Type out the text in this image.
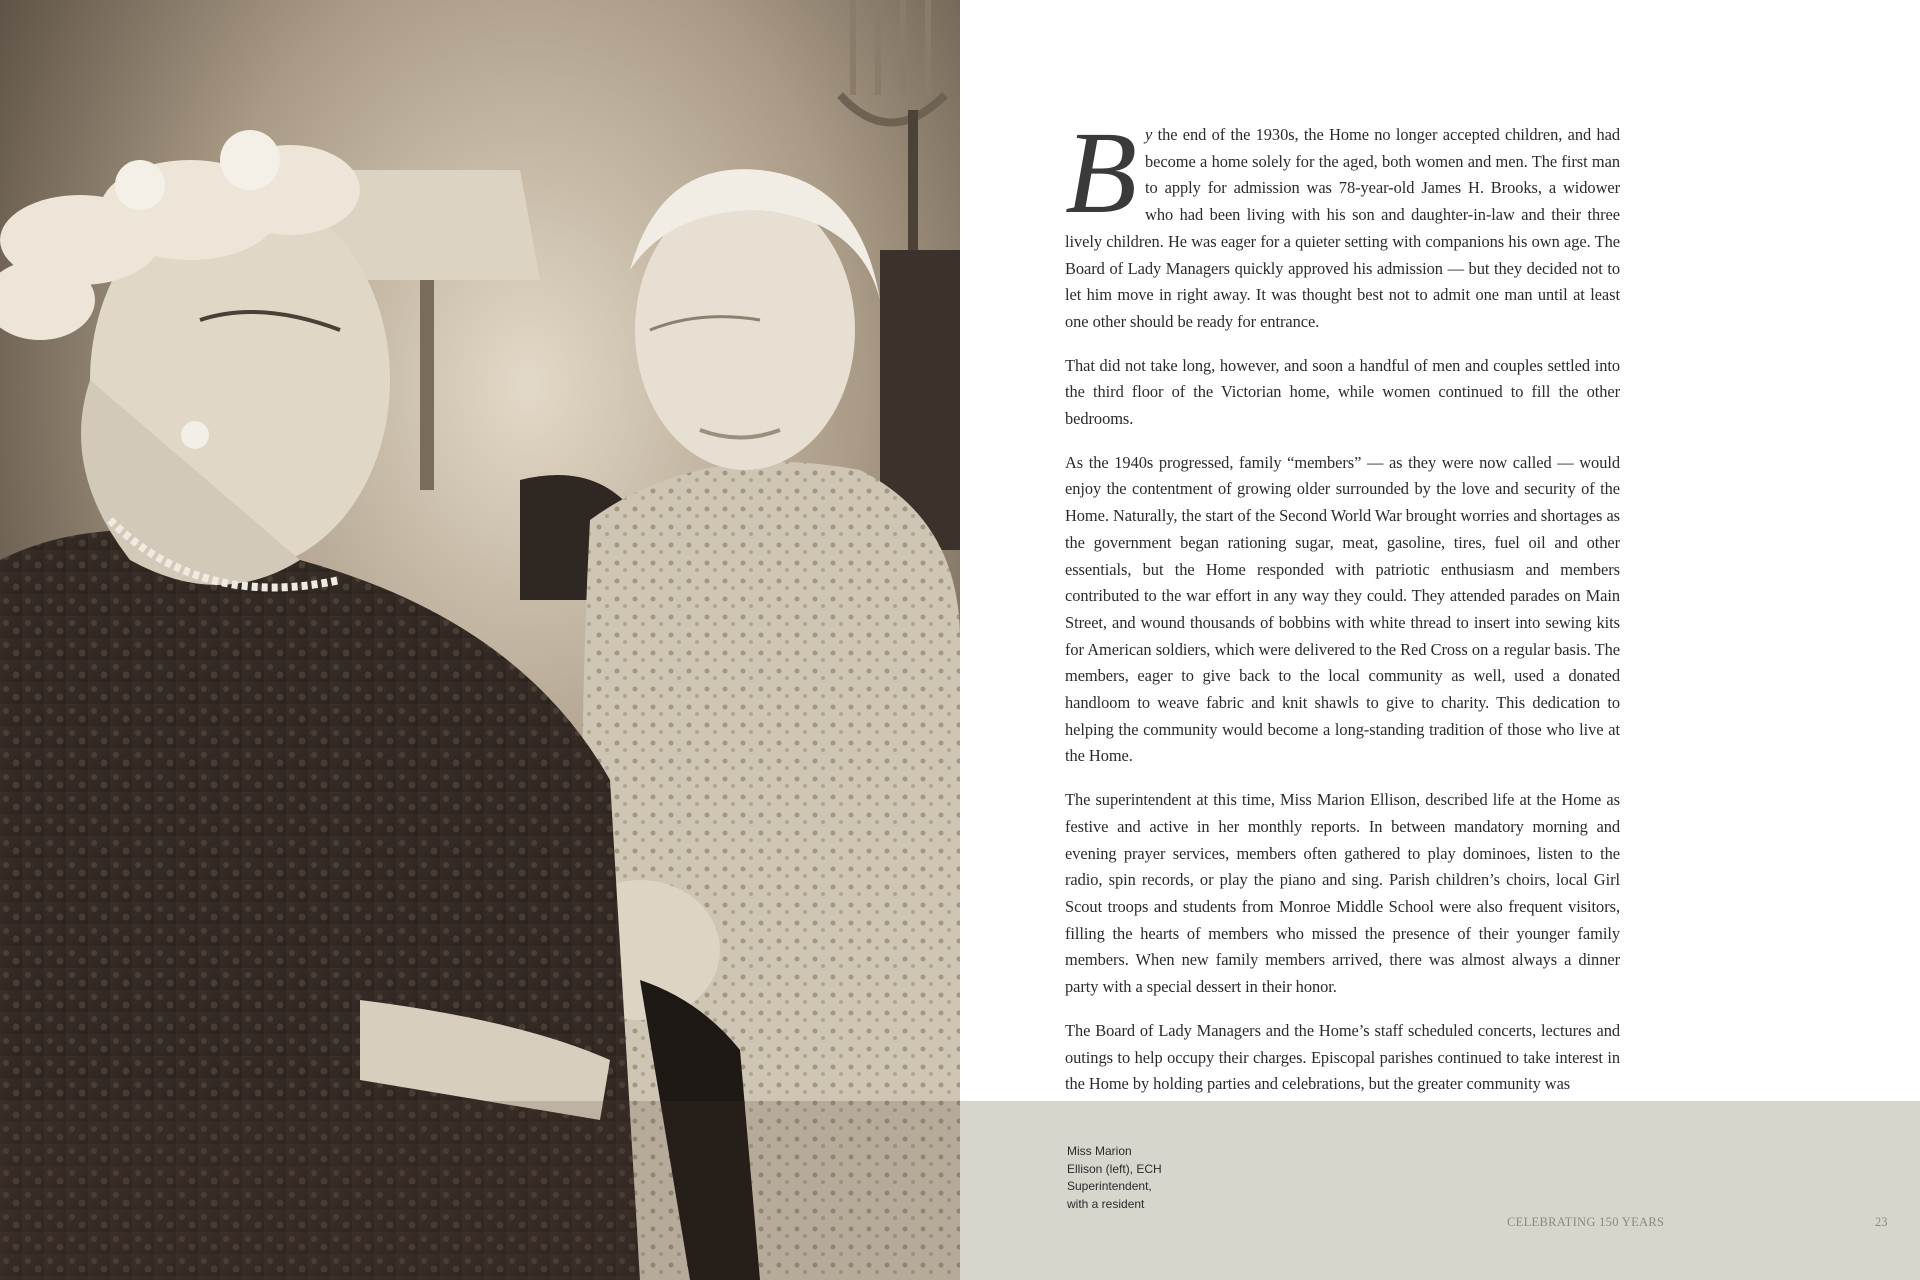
By the end of the 1930s, the Home no longer accepted children, and had become a home solely for the aged, both women and men. The first man to apply for admission was 78-year-old James H. Brooks, a widower who had been living with his son and daughter-in-law and their three lively children. He was eager for a quieter setting with companions his own age. The Board of Lady Managers quickly approved his admission — but they decided not to let him move in right away. It was thought best not to admit one man until at least one other should be ready for entrance.

That did not take long, however, and soon a handful of men and couples settled into the third floor of the Victorian home, while women continued to fill the other bedrooms.

As the 1940s progressed, family “members” — as they were now called — would enjoy the contentment of growing older surrounded by the love and security of the Home. Naturally, the start of the Second World War brought worries and shortages as the government began rationing sugar, meat, gasoline, tires, fuel oil and other essentials, but the Home responded with patriotic enthusiasm and members contributed to the war effort in any way they could. They attended parades on Main Street, and wound thousands of bobbins with white thread to insert into sewing kits for American soldiers, which were delivered to the Red Cross on a regular basis. The members, eager to give back to the local community as well, used a donated handloom to weave fabric and knit shawls to give to charity. This dedication to helping the community would become a long-standing tradition of those who live at the Home.

The superintendent at this time, Miss Marion Ellison, described life at the Home as festive and active in her monthly reports. In between mandatory morning and evening prayer services, members often gathered to play dominoes, listen to the radio, spin records, or play the piano and sing. Parish children’s choirs, local Girl Scout troops and students from Monroe Middle School were also frequent visitors, filling the hearts of members who missed the presence of their younger family members. When new family members arrived, there was almost always a dinner party with a special dessert in their honor.

The Board of Lady Managers and the Home’s staff scheduled concerts, lectures and outings to help occupy their charges. Episcopal parishes continued to take interest in the Home by holding parties and celebrations, but the greater community was

Miss Marion
Ellison (left), ECH
Superintendent,
with a resident
CELEBRATING 150 YEARS	23
